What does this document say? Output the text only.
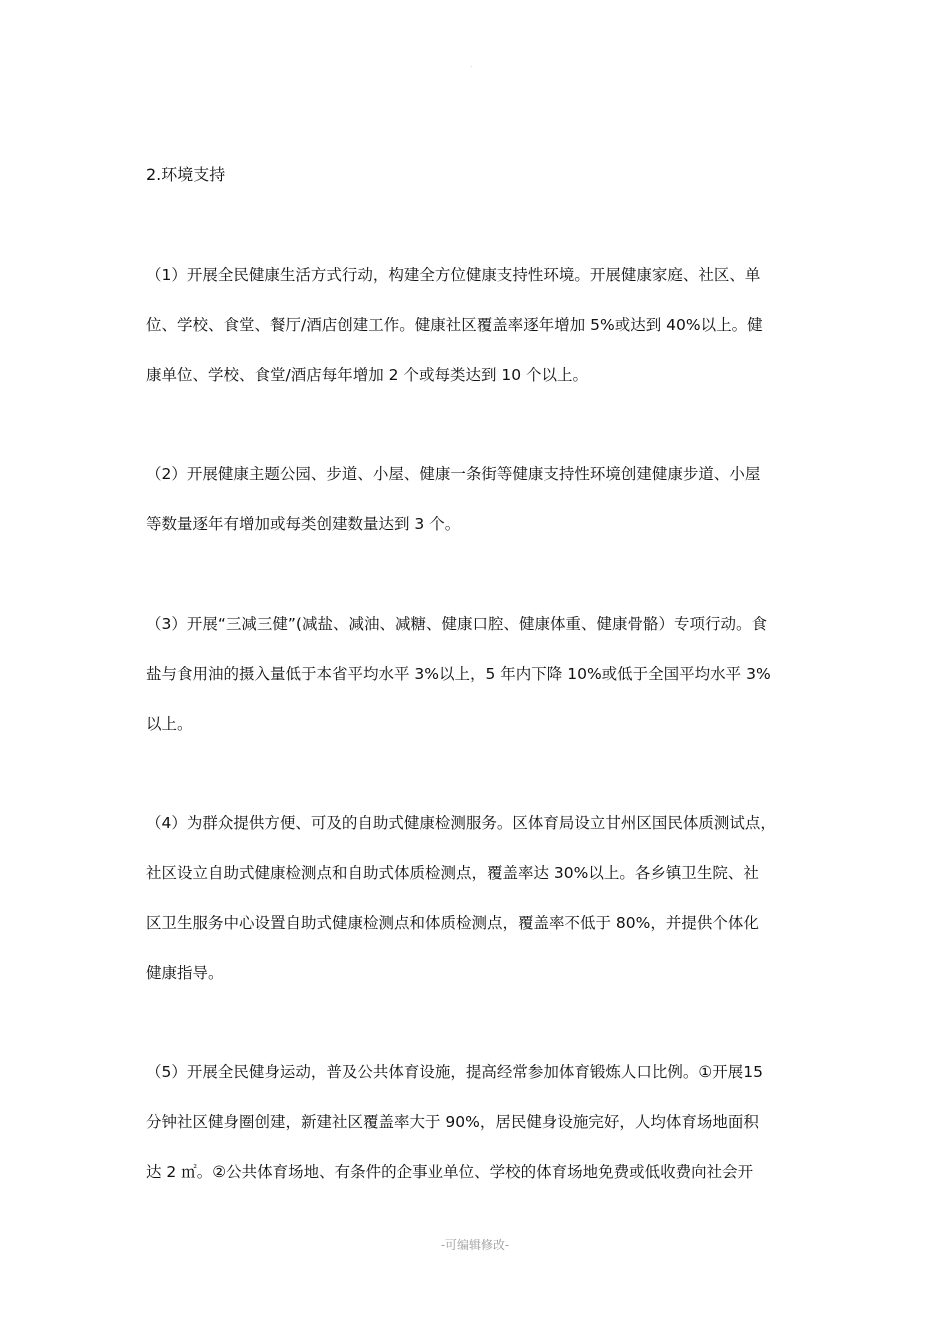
.
2.环境支持
（1）开展全民健康生活方式行动，构建全方位健康支持性环境。开展健康家庭、社区、单
位、学校、食堂、餐厅/酒店创建工作。健康社区覆盖率逐年增加 5%或达到 40%以上。健
康单位、学校、食堂/酒店每年增加 2 个或每类达到 10 个以上。
（2）开展健康主题公园、步道、小屋、健康一条街等健康支持性环境创建健康步道、小屋
等数量逐年有增加或每类创建数量达到 3 个。
（3）开展“三减三健”(减盐、减油、减糖、健康口腔、健康体重、健康骨骼）专项行动。食
盐与食用油的摄入量低于本省平均水平 3%以上，5 年内下降 10%或低于全国平均水平 3%
以上。
（4）为群众提供方便、可及的自助式健康检测服务。区体育局设立甘州区国民体质测试点，
社区设立自助式健康检测点和自助式体质检测点，覆盖率达 30%以上。各乡镇卫生院、社
区卫生服务中心设置自助式健康检测点和体质检测点，覆盖率不低于 80%，并提供个体化
健康指导。
（5）开展全民健身运动，普及公共体育设施，提高经常参加体育锻炼人口比例。①开展15
分钟社区健身圈创建，新建社区覆盖率大于 90%，居民健身设施完好，人均体育场地面积
达 2 ㎡。②公共体育场地、有条件的企事业单位、学校的体育场地免费或低收费向社会开
-可编辑修改-
